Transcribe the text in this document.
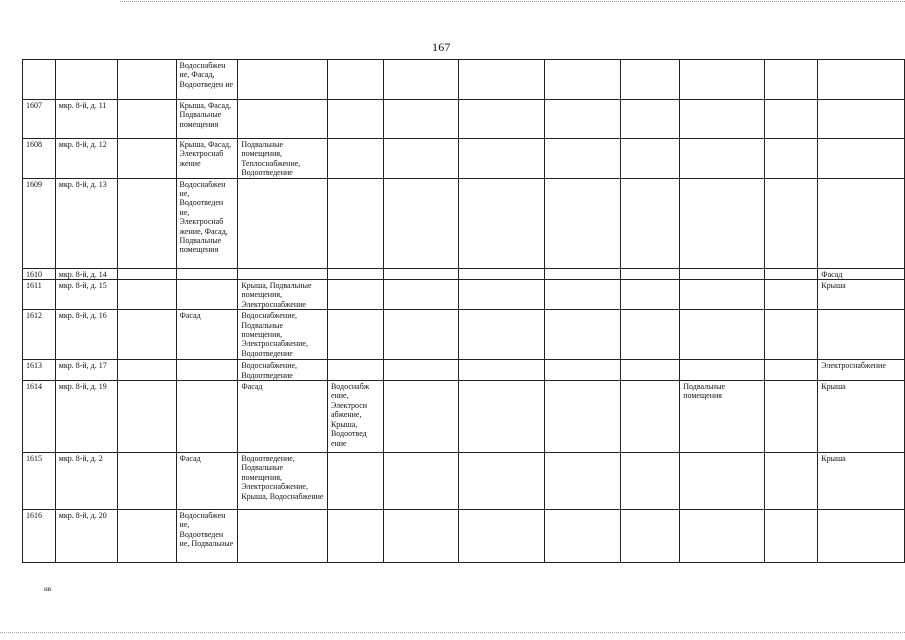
167
			Водоснабжен ие, Фасад, Водоотведен ие									
1607	мкр. 8-й, д. 11		Крыша, Фасад, Подвальные помещения									
1608	мкр. 8-й, д. 12		Крыша, Фасад, Электроснаб жение	Подвальные помещения, Теплоснабжение, Водоотведение								
1609	мкр. 8-й, д. 13		Водоснабжен ие, Водоотведен ие, Электроснаб жение, Фасад, Подвальные помещения									
1610	мкр. 8-й, д. 14											Фасад
1611	мкр. 8-й, д. 15			Крыша, Подвальные помещения, Электроснабжение								Крыша
1612	мкр. 8-й, д. 16		Фасад	Водоснабжение, Подвальные помещения, Электроснабжение, Водоотведение								
1613	мкр. 8-й, д. 17			Водоснабжение, Водоотведение								Электроснабжение
1614	мкр. 8-й, д. 19			Фасад	Водоснабж ение, Электроси абжение, Крыша, Водоотвед ение					Подвальные помещения		Крыша
1615	мкр. 8-й, д. 2		Фасад	Водоотведение, Подвальные помещения, Электроснабжение, Крыша, Водоснабжение								Крыша
1616	мкр. 8-й, д. 20		Водоснабжен ие, Водоотведен ие, Подвальные									
нв
